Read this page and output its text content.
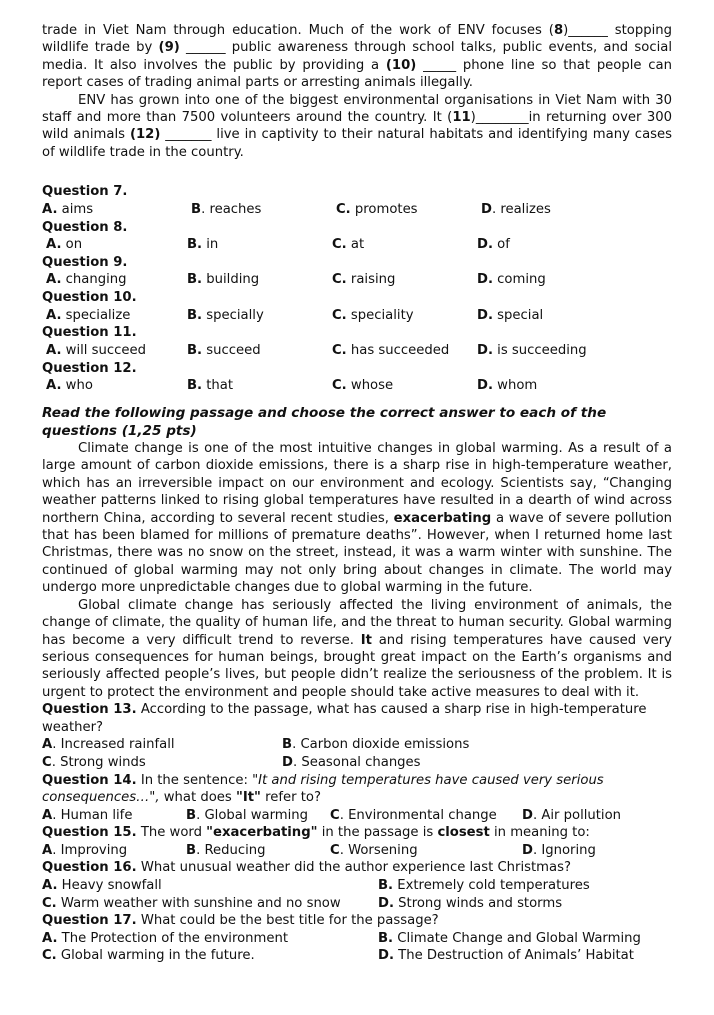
trade in Viet Nam through education. Much of the work of ENV focuses (8)______ stopping wildlife trade by (9) ______ public awareness through school talks, public events, and social media. It also involves the public by providing a (10) _____ phone line so that people can report cases of trading animal parts or arresting animals illegally.

ENV has grown into one of the biggest environmental organisations in Viet Nam with 30 staff and more than 7500 volunteers around the country. It (11)________in returning over 300 wild animals (12) _______ live in captivity to their natural habitats and identifying many cases of wildlife trade in the country.

Question 7.
A. aims	B. reaches	C. promotes	D. realizes
Question 8.
A. on	B. in	C. at	D. of
Question 9.
A. changing	B. building	C. raising	D. coming
Question 10.
A. specialize	B. specially	C. speciality	D. special
Question 11.
A. will succeed	B. succeed	C. has succeeded	D. is succeeding
Question 12.
A. who	B. that	C. whose	D. whom
Read the following passage and choose the correct answer to each of the questions (1,25 pts)

Climate change is one of the most intuitive changes in global warming. As a result of a large amount of carbon dioxide emissions, there is a sharp rise in high-temperature weather, which has an irreversible impact on our environment and ecology. Scientists say, “Changing weather patterns linked to rising global temperatures have resulted in a dearth of wind across northern China, according to several recent studies, exacerbating a wave of severe pollution that has been blamed for millions of premature deaths”. However, when I returned home last Christmas, there was no snow on the street, instead, it was a warm winter with sunshine. The continued of global warming may not only bring about changes in climate. The world may undergo more unpredictable changes due to global warming in the future.

Global climate change has seriously affected the living environment of animals, the change of climate, the quality of human life, and the threat to human security. Global warming has become a very difficult trend to reverse. It and rising temperatures have caused very serious consequences for human beings, brought great impact on the Earth’s organisms and seriously affected people’s lives, but people didn’t realize the seriousness of the problem. It is urgent to protect the environment and people should take active measures to deal with it.

Question 13. According to the passage, what has caused a sharp rise in high-temperature weather?
A. Increased rainfall	B. Carbon dioxide emissions
C. Strong winds	D. Seasonal changes
Question 14. In the sentence: "It and rising temperatures have caused very serious consequences…", what does "It" refer to?
A. Human life	B. Global warming	C. Environmental change	D. Air pollution
Question 15. The word "exacerbating" in the passage is closest in meaning to:
A. Improving	B. Reducing	C. Worsening	D. Ignoring
Question 16. What unusual weather did the author experience last Christmas?
A. Heavy snowfall	B. Extremely cold temperatures
C. Warm weather with sunshine and no snow	D. Strong winds and storms
Question 17. What could be the best title for the passage?
A. The Protection of the environment	B. Climate Change and Global Warming
C. Global warming in the future.	D. The Destruction of Animals’ Habitat
